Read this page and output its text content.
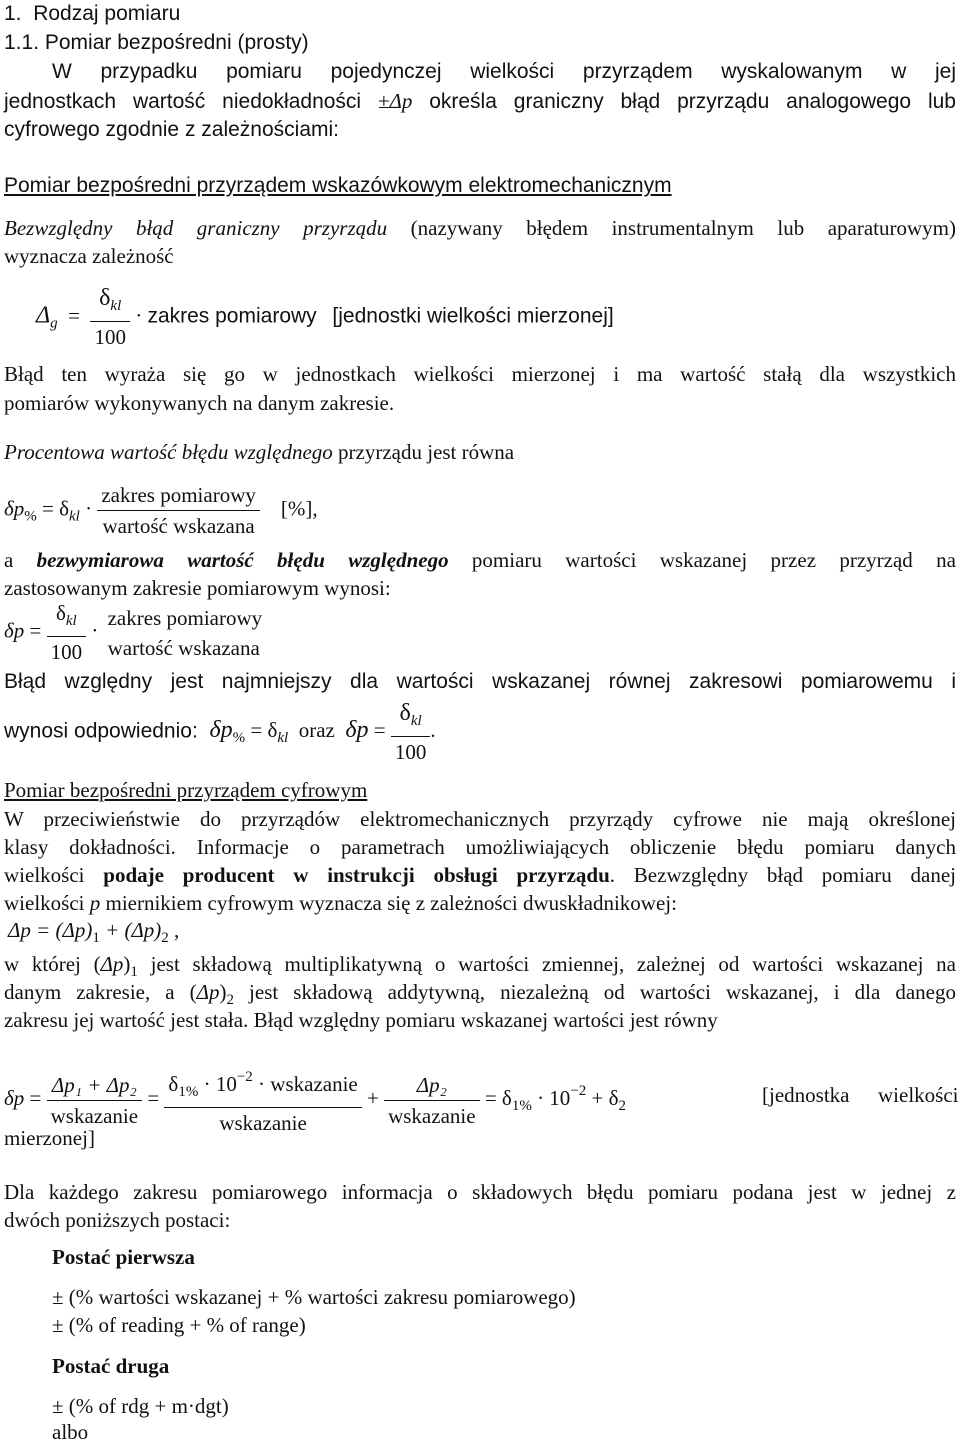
1. Rodzaj pomiaru
1.1. Pomiar bezpośredni (prosty)

W przypadku pomiaru pojedynczej wielkości przyrządem wyskalowanym w jej

jednostkach wartość niedokładności ±Δp określa graniczny błąd przyrządu analogowego lub

cyfrowego zgodnie z zależnościami:

Pomiar bezpośredni przyrządem wskazówkowym elektromechanicznym

Bezwzględny błąd graniczny przyrządu (nazywany błędem instrumentalnym lub aparaturowym)

wyznacza zależność

$\Delta_g = \frac{\delta_{kl}}{100}$ · zakres pomiarowy [jednostki wielkości mierzonej]

Błąd ten wyraża się go w jednostkach wielkości mierzonej i ma wartość stałą dla wszystkich

pomiarów wykonywanych na danym zakresie.

Procentowa wartość błędu względnego przyrządu jest równa

$\delta p_{\%} = \delta_{kl} \cdot \frac{\text{zakres pomiarowy}}{\text{wartość wskazana}}$ [%],

a bezwymiarowa wartość błędu względnego pomiaru wartości wskazanej przez przyrząd na

zastosowanym zakresie pomiarowym wynosi:

$\delta p = \frac{\delta_{kl}}{100}$ ·
zakres pomiarowy
wartość wskazana

Błąd względny jest najmniejszy dla wartości wskazanej równej zakresowi pomiarowemu i

wynosi odpowiednio: $\delta p_{\%} = \delta_{kl}$ oraz $\delta p = \frac{\delta_{kl}}{100}$ .
Pomiar bezpośredni przyrządem cyfrowym

W przeciwieństwie do przyrządów elektromechanicznych przyrządy cyfrowe nie mają określonej

klasy dokładności. Informacje o parametrach umożliwiających obliczenie błędu pomiaru danych

wielkości podaje producent w instrukcji obsługi przyrządu. Bezwzględny błąd pomiaru danej

wielkości p miernikiem cyfrowym wyznacza się z zależności dwuskładnikowej:

$\Delta p = (\Delta p)_1 + (\Delta p)_2$ ,

w której $(\Delta p)_1$ jest składową multiplikatywną o wartości zmiennej, zależnej od wartości wskazanej na

danym zakresie, a $(\Delta p)_2$ jest składową addytywną, niezależną od wartości wskazanej, i dla danego

zakresu jej wartość jest stała. Błąd względny pomiaru wskazanej wartości jest równy

$\delta p = \frac{\text{Δp₁ + Δp₂}}{\text{wskazanie}} = \frac{\delta_{1\%} \cdot 10^{-2} \cdot wskazanie}{\text{wskazanie}} + \frac{\text{Δp₂}}{\text{wskazanie}} = \delta_{1\%} \cdot 10^{-2} + \delta_2$	[jednostka wielkości
mierzonej]

Dla każdego zakresu pomiarowego informacja o składowych błędu pomiaru podana jest w jednej z

dwóch poniższych postaci:

Postać pierwsza
± (% wartości wskazanej + % wartości zakresu pomiarowego)
± (% of reading + % of range)
Postać druga
± (% of rdg + m·dgt)
albo
